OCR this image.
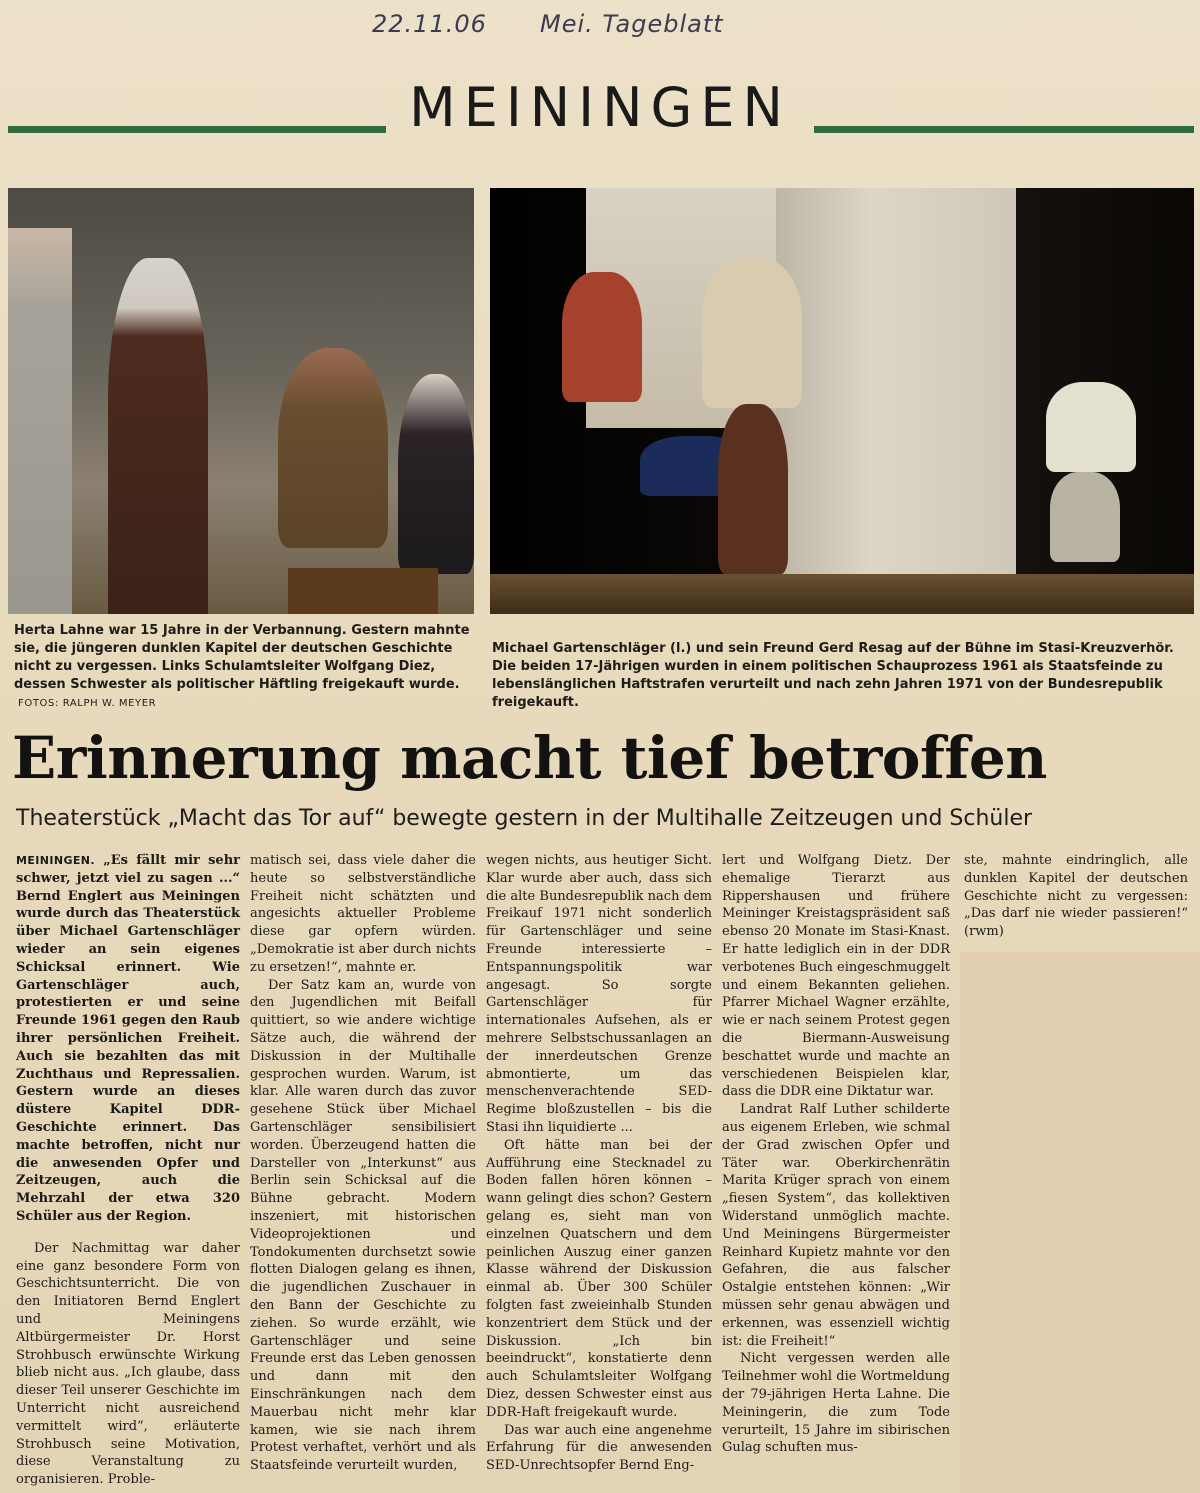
22.11.06 Mei. Tageblatt
MEININGEN
Herta Lahne war 15 Jahre in der Verbannung. Gestern mahnte sie, die jüngeren dunklen Kapitel der deutschen Geschichte nicht zu vergessen. Links Schulamtsleiter Wolfgang Diez, dessen Schwester als politischer Häftling freigekauft wurde. FOTOS: RALPH W. MEYER
Michael Gartenschläger (l.) und sein Freund Gerd Resag auf der Bühne im Stasi-Kreuzverhör. Die beiden 17-Jährigen wurden in einem politischen Schauprozess 1961 als Staatsfeinde zu lebenslänglichen Haftstrafen verurteilt und nach zehn Jahren 1971 von der Bundesrepublik freigekauft.
Erinnerung macht tief betroffen
Theaterstück „Macht das Tor auf“ bewegte gestern in der Multihalle Zeitzeugen und Schüler

MEININGEN. „Es fällt mir sehr schwer, jetzt viel zu sagen ...“ Bernd Englert aus Meiningen wurde durch das Theaterstück über Michael Gartenschläger wieder an sein eigenes Schicksal erinnert. Wie Gartenschläger auch, protestierten er und seine Freunde 1961 gegen den Raub ihrer persönlichen Freiheit. Auch sie bezahlten das mit Zuchthaus und Repressalien. Gestern wurde an dieses düstere Kapitel DDR-Geschichte erinnert. Das machte betroffen, nicht nur die anwesenden Opfer und Zeitzeugen, auch die Mehrzahl der etwa 320 Schüler aus der Region.

Der Nachmittag war daher eine ganz besondere Form von Geschichtsunterricht. Die von den Initiatoren Bernd Englert und Meiningens Altbürgermeister Dr. Horst Strohbusch erwünschte Wirkung blieb nicht aus. „Ich glaube, dass dieser Teil unserer Geschichte im Unterricht nicht ausreichend vermittelt wird“, erläuterte Strohbusch seine Motivation, diese Veranstaltung zu organisieren. Proble-

matisch sei, dass viele daher die heute so selbstverständliche Freiheit nicht schätzten und angesichts aktueller Probleme diese gar opfern würden. „Demokratie ist aber durch nichts zu ersetzen!“, mahnte er.

Der Satz kam an, wurde von den Jugendlichen mit Beifall quittiert, so wie andere wichtige Sätze auch, die während der Diskussion in der Multihalle gesprochen wurden. Warum, ist klar. Alle waren durch das zuvor gesehene Stück über Michael Gartenschläger sensibilisiert worden. Überzeugend hatten die Darsteller von „Interkunst“ aus Berlin sein Schicksal auf die Bühne gebracht. Modern inszeniert, mit historischen Videoprojektionen und Tondokumenten durchsetzt sowie flotten Dialogen gelang es ihnen, die jugendlichen Zuschauer in den Bann der Geschichte zu ziehen. So wurde erzählt, wie Gartenschläger und seine Freunde erst das Leben genossen und dann mit den Einschränkungen nach dem Mauerbau nicht mehr klar kamen, wie sie nach ihrem Protest verhaftet, verhört und als Staatsfeinde verurteilt wurden,

wegen nichts, aus heutiger Sicht. Klar wurde aber auch, dass sich die alte Bundesrepublik nach dem Freikauf 1971 nicht sonderlich für Gartenschläger und seine Freunde interessierte – Entspannungspolitik war angesagt. So sorgte Gartenschläger für internationales Aufsehen, als er mehrere Selbstschussanlagen an der innerdeutschen Grenze abmontierte, um das menschenverachtende SED-Regime bloßzustellen – bis die Stasi ihn liquidierte ...

Oft hätte man bei der Aufführung eine Stecknadel zu Boden fallen hören können – wann gelingt dies schon? Gestern gelang es, sieht man von einzelnen Quatschern und dem peinlichen Auszug einer ganzen Klasse während der Diskussion einmal ab. Über 300 Schüler folgten fast zweieinhalb Stunden konzentriert dem Stück und der Diskussion. „Ich bin beeindruckt“, konstatierte denn auch Schulamtsleiter Wolfgang Diez, dessen Schwester einst aus DDR-Haft freigekauft wurde.

Das war auch eine angenehme Erfahrung für die anwesenden SED-Unrechtsopfer Bernd Eng-

lert und Wolfgang Dietz. Der ehemalige Tierarzt aus Rippershausen und frühere Meininger Kreistagspräsident saß ebenso 20 Monate im Stasi-Knast. Er hatte lediglich ein in der DDR verbotenes Buch eingeschmuggelt und einem Bekannten geliehen. Pfarrer Michael Wagner erzählte, wie er nach seinem Protest gegen die Biermann-Ausweisung beschattet wurde und machte an verschiedenen Beispielen klar, dass die DDR eine Diktatur war.

Landrat Ralf Luther schilderte aus eigenem Erleben, wie schmal der Grad zwischen Opfer und Täter war. Oberkirchenrätin Marita Krüger sprach von einem „fiesen System“, das kollektiven Widerstand unmöglich machte. Und Meiningens Bürgermeister Reinhard Kupietz mahnte vor den Gefahren, die aus falscher Ostalgie entstehen können: „Wir müssen sehr genau abwägen und erkennen, was essenziell wichtig ist: die Freiheit!“

Nicht vergessen werden alle Teilnehmer wohl die Wortmeldung der 79-jährigen Herta Lahne. Die Meiningerin, die zum Tode verurteilt, 15 Jahre im sibirischen Gulag schuften mus-

ste, mahnte eindringlich, alle dunklen Kapitel der deutschen Geschichte nicht zu vergessen: „Das darf nie wieder passieren!“ (rwm)
